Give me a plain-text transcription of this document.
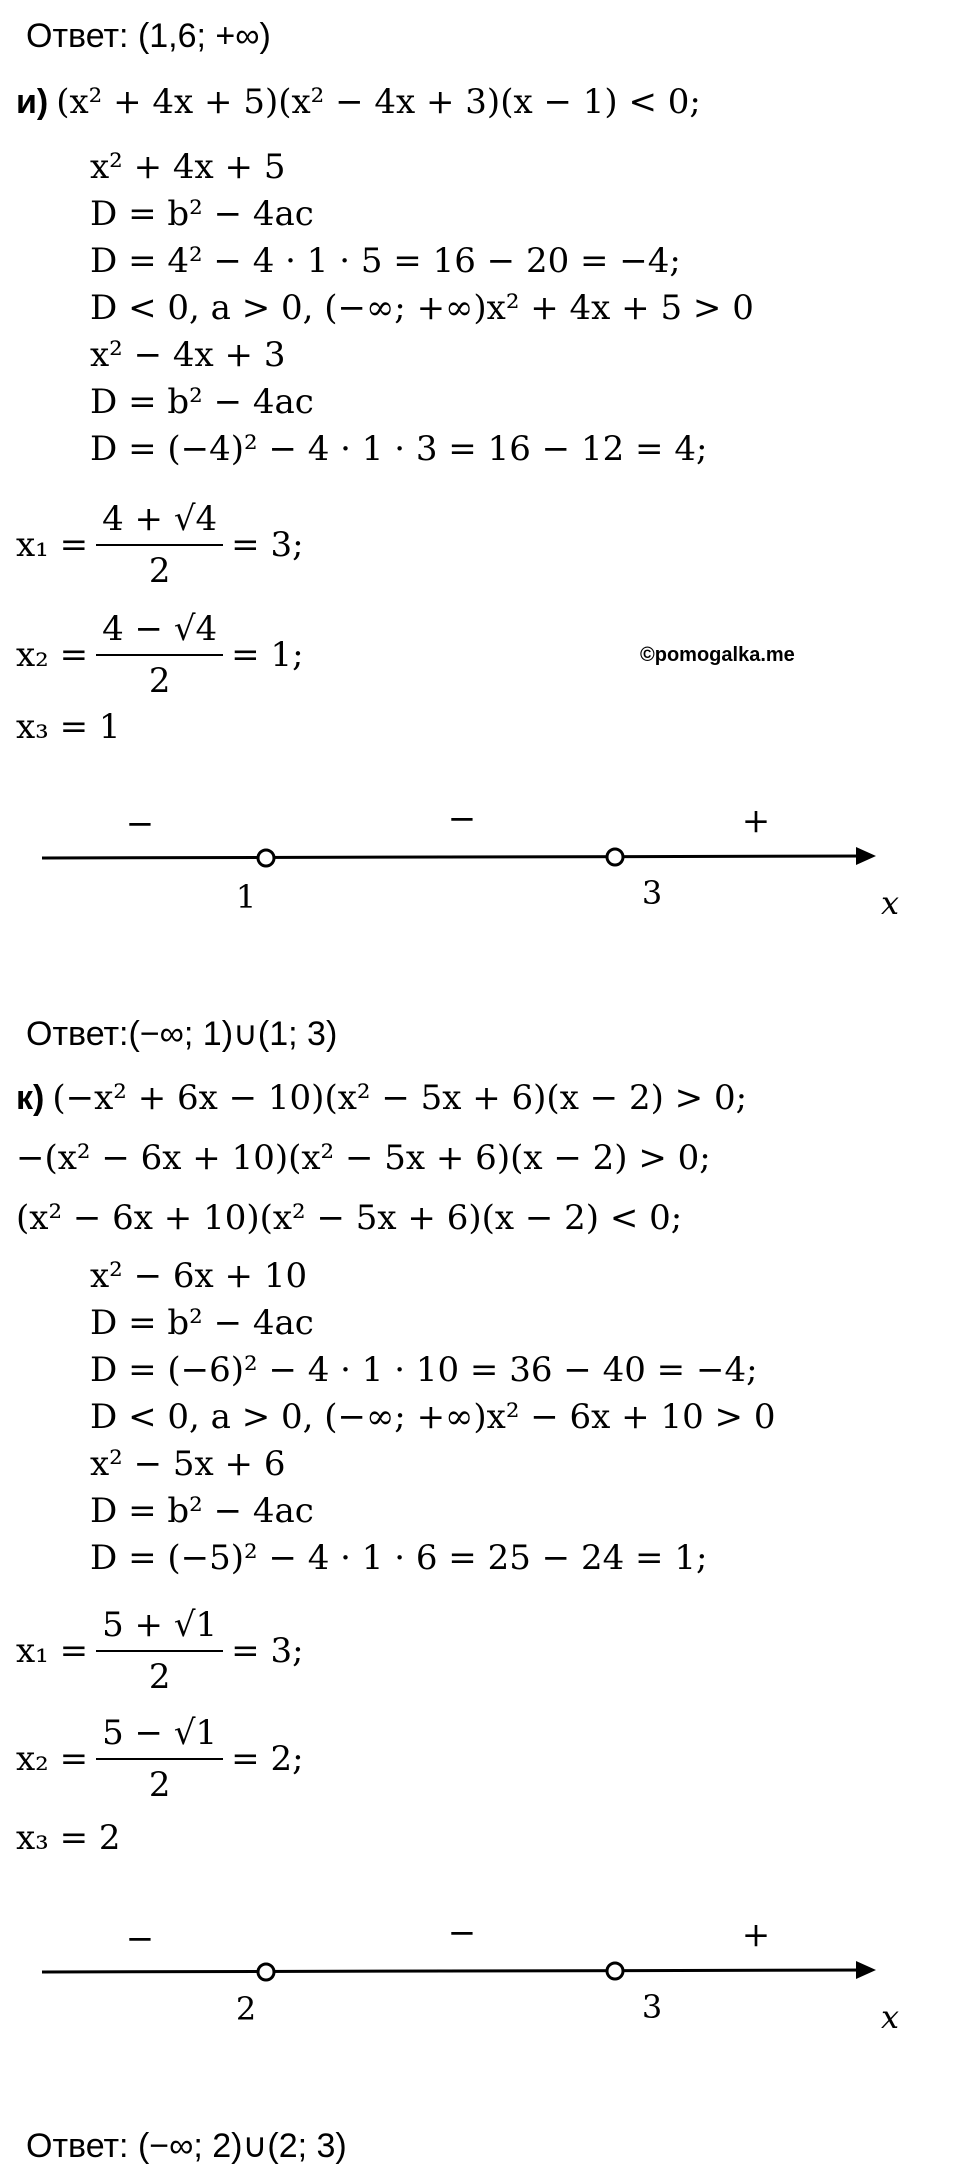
Ответ: (1,6; +∞)
и) (x² + 4x + 5)(x² − 4x + 3)(x − 1) < 0;
x² + 4x + 5
D = b² − 4ac
D = 4² − 4 · 1 · 5 = 16 − 20 = −4;
D < 0, a > 0, (−∞; +∞)x² + 4x + 5 > 0
x² − 4x + 3
D = b² − 4ac
D = (−4)² − 4 · 1 · 3 = 16 − 12 = 4;
$x_1 = \frac{4 + √4}{2} = 3$;
$x_2 = \frac{4 - √4}{2} = 1$;	©pomogalka.me
x₃ = 1
−	−	+
1	3	x
Ответ:(−∞; 1)∪(1; 3)
к) (−x² + 6x − 10)(x² − 5x + 6)(x − 2) > 0;
−(x² − 6x + 10)(x² − 5x + 6)(x − 2) > 0;
(x² − 6x + 10)(x² − 5x + 6)(x − 2) < 0;
x² − 6x + 10
D = b² − 4ac
D = (−6)² − 4 · 1 · 10 = 36 − 40 = −4;
D < 0, a > 0, (−∞; +∞)x² − 6x + 10 > 0
x² − 5x + 6
D = b² − 4ac
D = (−5)² − 4 · 1 · 6 = 25 − 24 = 1;
$x_1 = \frac{5 + √1}{2} = 3$;
$x_2 = \frac{5 - √1}{2} = 2$;
x₃ = 2
−	−	+
2	3	x
Ответ: (−∞; 2)∪(2; 3)
